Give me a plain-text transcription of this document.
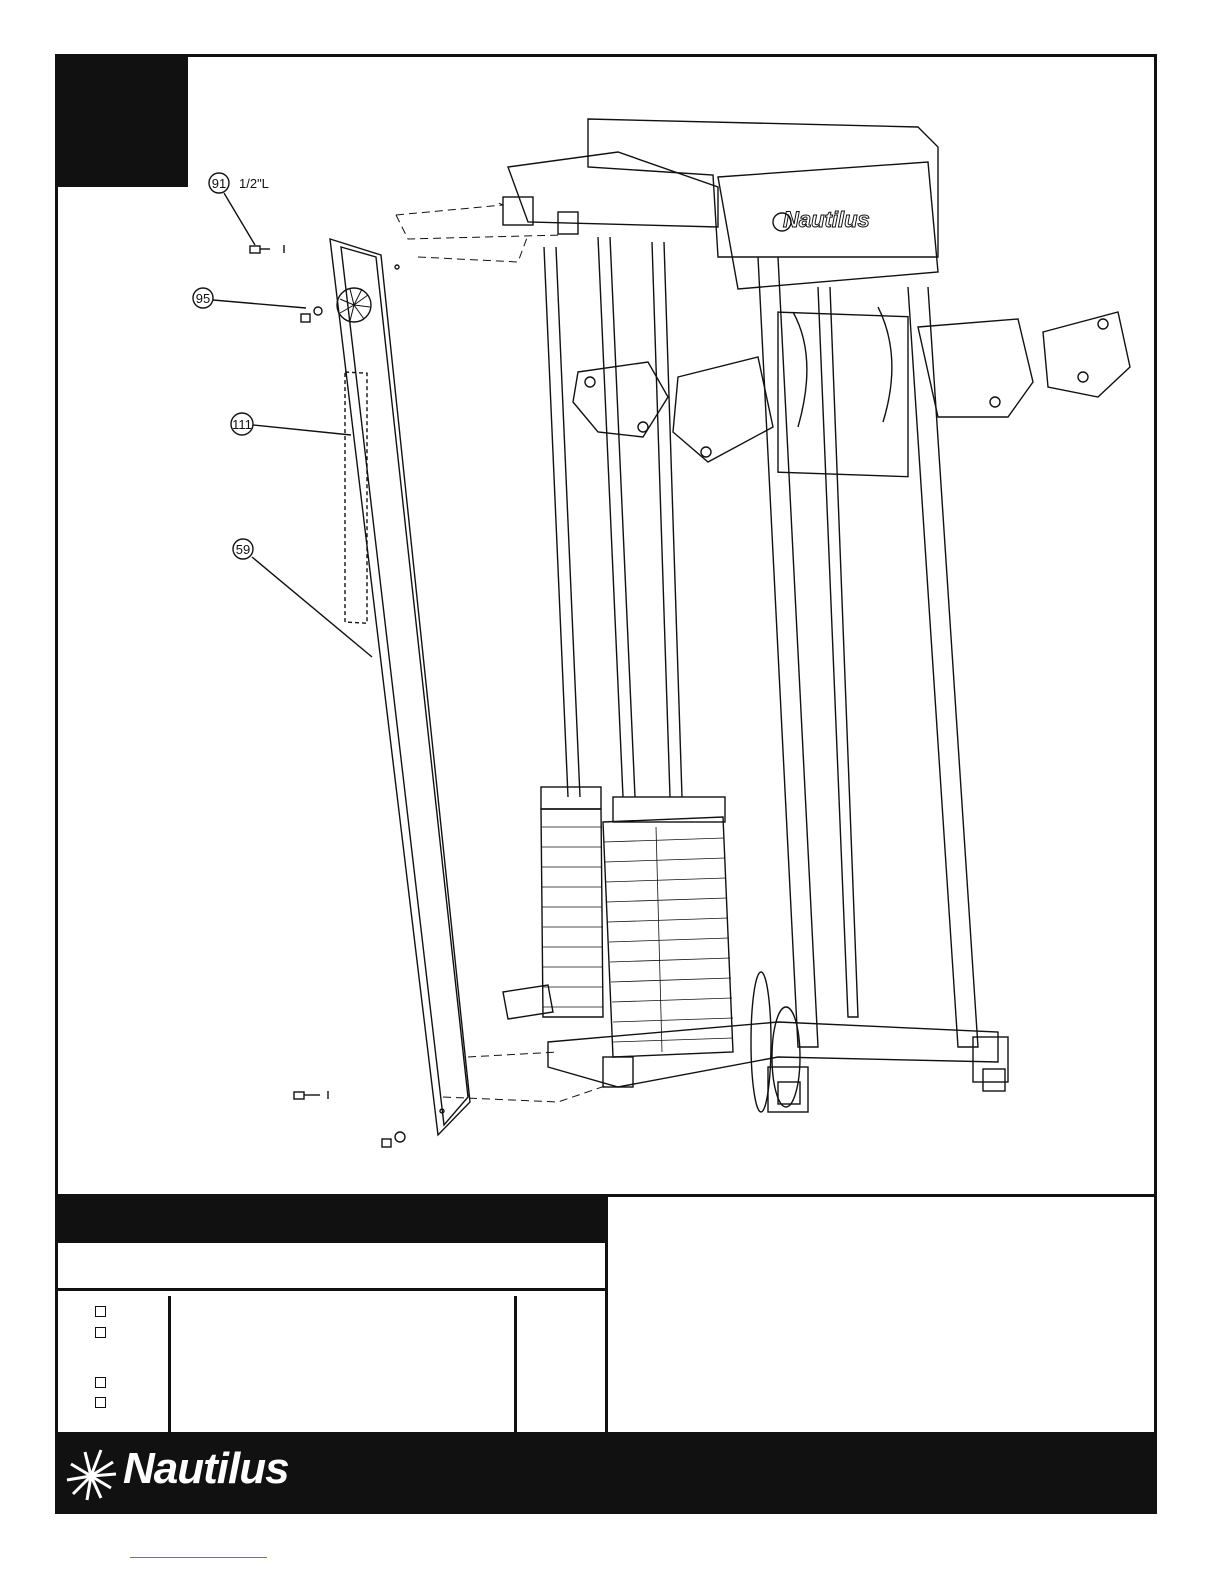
91 1/2"L
95
111
59
Nautilus
Nautilus
